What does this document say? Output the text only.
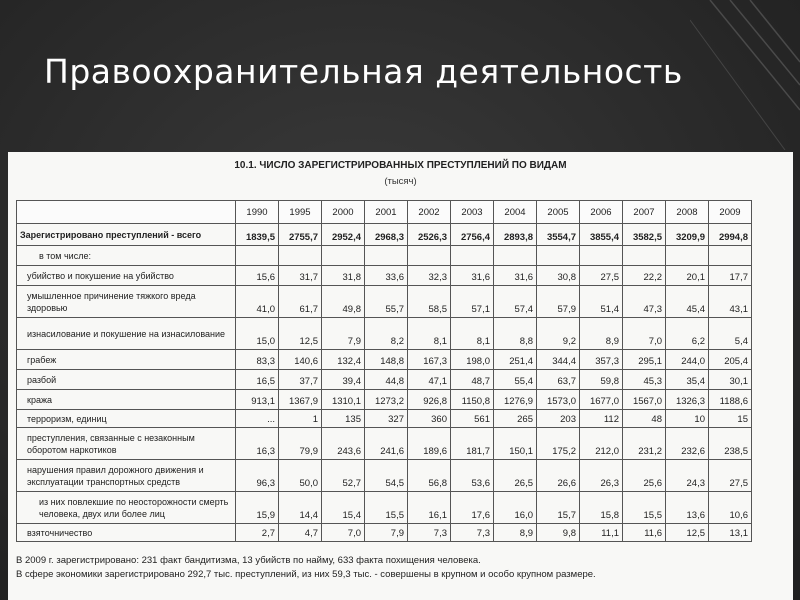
Правоохранительная деятельность
10.1. ЧИСЛО ЗАРЕГИСТРИРОВАННЫХ ПРЕСТУПЛЕНИЙ ПО ВИДАМ
(тысяч)
	1990	1995	2000	2001	2002	2003	2004	2005	2006	2007	2008	2009
Зарегистрировано преступлений - всего	1839,5	2755,7	2952,4	2968,3	2526,3	2756,4	2893,8	3554,7	3855,4	3582,5	3209,9	2994,8
в том числе:												
убийство и покушение на убийство	15,6	31,7	31,8	33,6	32,3	31,6	31,6	30,8	27,5	22,2	20,1	17,7
умышленное причинение тяжкого вреда здоровью	41,0	61,7	49,8	55,7	58,5	57,1	57,4	57,9	51,4	47,3	45,4	43,1
изнасилование и покушение на изнасилование	15,0	12,5	7,9	8,2	8,1	8,1	8,8	9,2	8,9	7,0	6,2	5,4
грабеж	83,3	140,6	132,4	148,8	167,3	198,0	251,4	344,4	357,3	295,1	244,0	205,4
разбой	16,5	37,7	39,4	44,8	47,1	48,7	55,4	63,7	59,8	45,3	35,4	30,1
кража	913,1	1367,9	1310,1	1273,2	926,8	1150,8	1276,9	1573,0	1677,0	1567,0	1326,3	1188,6
терроризм, единиц	...	1	135	327	360	561	265	203	112	48	10	15
преступления, связанные с незаконным оборотом наркотиков	16,3	79,9	243,6	241,6	189,6	181,7	150,1	175,2	212,0	231,2	232,6	238,5
нарушения правил дорожного движения и эксплуатации транспортных средств	96,3	50,0	52,7	54,5	56,8	53,6	26,5	26,6	26,3	25,6	24,3	27,5
из них повлекшие по неосторожности смерть человека, двух или более лиц	15,9	14,4	15,4	15,5	16,1	17,6	16,0	15,7	15,8	15,5	13,6	10,6
взяточничество	2,7	4,7	7,0	7,9	7,3	7,3	8,9	9,8	11,1	11,6	12,5	13,1
В 2009 г. зарегистрировано: 231 факт бандитизма, 13 убийств по найму, 633 факта похищения человека.
В сфере экономики зарегистрировано 292,7 тыс. преступлений, из них 59,3 тыс. - совершены в крупном и особо крупном размере.
